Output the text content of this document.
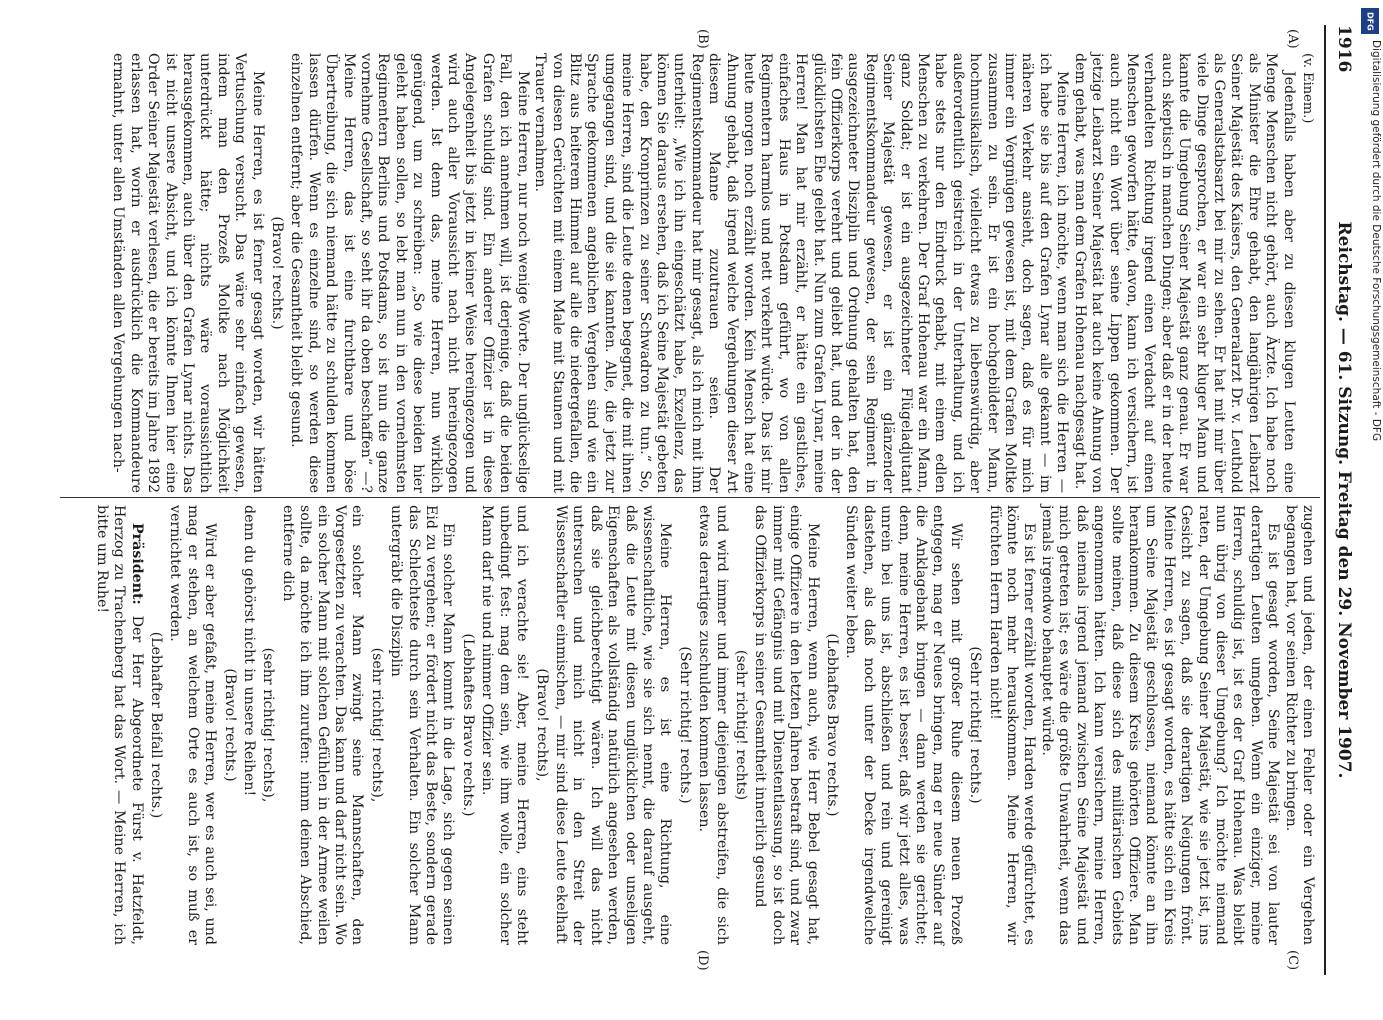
1916
Reichstag. — 61. Sitzung. Freitag den 29. November 1907.
(A)
(B)
(C)
(D)

(v. Einem.)

Jedenfalls haben aber zu diesen klugen Leuten eine Menge Menschen nicht gehört, auch Ärzte. Ich habe noch als Minister die Ehre gehabt, den langjährigen Leibarzt Seiner Majestät des Kaisers, den Generalarzt Dr. v. Leuthold als Generalstabsarzt bei mir zu sehen. Er hat mit mir über viele Dinge gesprochen, er war ein sehr kluger Mann und kannte die Umgebung Seiner Majestät ganz genau. Er war auch skeptisch in manchen Dingen; aber daß er in der heute verhandelten Richtung irgend einen Verdacht auf einen Menschen geworfen hätte, davon, kann ich versichern, ist auch nicht ein Wort über seine Lippen gekommen. Der jetzige Leibarzt Seiner Majestät hat auch keine Ahnung von dem gehabt, was man dem Grafen Hohenau nachgesagt hat.

Meine Herren, ich möchte, wenn man sich die Herren — ich habe sie bis auf den Grafen Lynar alle gekannt — im näheren Verkehr ansieht, doch sagen, daß es für mich immer ein Vergnügen gewesen ist, mit dem Grafen Moltke zusammen zu sein. Er ist ein hochgebildeter Mann, hochmusikalisch, vielleicht etwas zu liebenswürdig, aber außerordentlich geistreich in der Unterhaltung, und ich habe stets nur den Eindruck gehabt, mit einem edlen Menschen zu verkehren. Der Graf Hohenau war ein Mann, ganz Soldat; er ist ein ausgezeichneter Flügeladjutant Seiner Majestät gewesen, er ist ein glänzender Regimentskommandeur gewesen, der sein Regiment in ausgezeichneter Disziplin und Ordnung gehalten hat, den fein Offizierkorps verehrt und geliebt hat, und der in der glücklichsten Ehe gelebt hat. Nun zum Grafen Lynar, meine Herren! Man hat mir erzählt, er hätte ein gastliches, einfaches Haus in Potsdam geführt, wo von allen Regimentern harmlos und nett verkehrt würde. Das ist mir heute morgen noch erzählt worden. Kein Mensch hat eine Ahnung gehabt, daß irgend welche Vergehungen dieser Art diesem Manne zuzutrauen seien. Der Regimentskommandeur hat mir gesagt, als ich mich mit ihm unterhielt: „Wie ich ihn eingeschätzt habe, Exzellenz, das können Sie daraus ersehen, daß ich Seine Majestät gebeten habe, den Kronprinzen zu seiner Schwadron zu tun.“ So, meine Herren, sind die Leute denen begegnet, die mit ihnen umgegangen sind, und die sie kannten. Alle, die jetzt zur Sprache gekommenen angeblichen Vergehen sind wie ein Blitz aus heiterem Himmel auf alle die niedergefallen, die von diesen Gerüchten mit einem Male mit Staunen und mit Trauer vernahmen.

Meine Herren, nur noch wenige Worte. Der unglückselige Fall, den ich annehmen will, ist derjenige, daß die beiden Grafen schuldig sind. Ein anderer Offizier ist in diese Angelegenheit bis jetzt in keiner Weise hereingezogen und wird auch aller Voraussicht nach nicht hereingezogen werden. Ist denn das, meine Herren, nun wirklich genügend, um zu schreiben: „So wie diese beiden hier geleht haben sollen, so lebt man nun in den vornehmsten Regimentern Berlins und Potsdams, so ist nun die ganze vornehme Gesellschaft, so seht ihr da oben beschaffen“ —? Meine Herren, das ist eine furchtbare und böse Übertreibung, die sich niemand hätte zu schulden kommen lassen dürfen. Wenn es einzelne sind, so werden diese einzelnen entfernt; aber die Gesamtheit bleibt gesund.

(Bravo! rechts.)

Meine Herren, es ist ferner gesagt worden, wir hätten Vertuschung versucht. Das wäre sehr einfach gewesen, indem man den Prozeß Moltke nach Möglichkeit unterdrückt hätte; nichts wäre voraussichtlich herausgekommen, auch über den Grafen Lynar nichts. Das ist nicht unsere Absicht, und ich könnte Ihnen hier eine Order Seiner Majestät verlesen, die er bereits im Jahre 1892 erlassen hat, worin er ausdrücklich die Kommandeure ermahnt, unter allen Umständen allen Vergehungen nach-

zugehen und jeden, der einen Fehler oder ein Vergehen begangen hat, vor seinen Richter zu bringen.

Es ist gesagt worden, Seine Majestät sei von lauter derartigen Leuten umgeben. Wenn ein einziger, meine Herren, schuldig ist, ist es der Graf Hohenau. Was bleibt nun übrig von dieser Umgebung? Ich möchte niemand raten, der Umgebung Seiner Majestät, wie sie jetzt ist, ins Gesicht zu sagen, daß sie derartigen Neigungen frönt. Meine Herren, es ist gesagt worden, es hätte sich ein Kreis um Seine Majestät geschlossen, niemand könnte an ihn herankommen. Zu diesem Kreis gehörten Offiziere. Man sollte meinen, daß diese sich des militärischen Gebiets angenommen hätten. Ich kann versichern, meine Herren, daß niemals irgend jemand zwischen Seine Majestät und mich getreten ist; es wäre die größte Unwahrheit, wenn das jemals irgendwo behauptet würde.

Es ist ferner erzählt worden, Harden werde gefürchtet, es könnte noch mehr herauskommen. Meine Herren, wir fürchten Herrn Harden nicht!

(Sehr richtig! rechts.)

Wir sehen mit großer Ruhe diesem neuen Prozeß entgegen, mag er Neues bringen, mag er neue Sünder auf die Anklagebank bringen — dann werden sie gerichtet; denn, meine Herren, es ist besser, daß wir jetzt alles, was unrein bei uns ist, abschließen und rein und gereinigt dastehen, als daß noch unter der Decke irgendwelche Sünden weiter leben.

(Lebhaftes Bravo rechts.)

Meine Herren, wenn auch, wie Herr Bebel gesagt hat, einige Offiziere in den letzten Jahren bestraft sind, und zwar immer mit Gefängnis und mit Dienstentlassung, so ist doch das Offizierkorps in seiner Gesamtheit innerlich gesund

(sehr richtig! rechts)

und wird immer und immer diejenigen abstreifen, die sich etwas derartiges zuschulden kommen lassen.

(Sehr richtig! rechts.)

Meine Herren, es ist eine Richtung, eine wissenschaftliche, wie sie sich nennt, die darauf ausgeht, daß die Leute mit diesen unglücklichen oder unseligen Eigenschaften als vollständig natürlich angesehen werden, daß sie gleichberechtigt wären. Ich will das nicht untersuchen und mich nicht in den Streit der Wissenschaftler einmischen, — mir sind diese Leute ekelhaft

(Bravo! rechts),

und ich verachte sie! Aber, meine Herren, eins steht unbedingt fest: mag dem sein, wie ihm wolle, ein solcher Mann darf nie und nimmer Offizier sein.

(Lebhaftes Bravo rechts.)

Ein solcher Mann kommt in die Lage, sich gegen seinen Eid zu vergehen; er fördert nicht das Beste, sondern gerade das Schlechteste durch sein Verhalten. Ein solcher Mann untergräbt die Disziplin

(sehr richtig! rechts),

ein solcher Mann zwingt seine Mannschaften, den Vorgesetzten zu verachten. Das kann und darf nicht sein. Wo ein solcher Mann mit solchen Gefühlen in der Armee weilen sollte, da möchte ich ihm zurufen: nimm deinen Abschied, entferne dich

(sehr richtig! rechts),

denn du gehörst nicht in unsere Reihen!

(Bravo! rechts.)

Wird er aber gefaßt, meine Herren, wer es auch sei, und mag er stehen, an welchem Orte es auch ist, so muß er vernichtet werden.

(Lebhafter Beifall rechts.)

Präsident: Der Herr Abgeordnete Fürst v. Hatzfeldt, Herzog zu Trachenberg hat das Wort. — Meine Herren, ich bitte um Ruhe!

DFG
Digitalisierung gefördert durch die Deutsche Forschungsgemeinschaft - DFG
